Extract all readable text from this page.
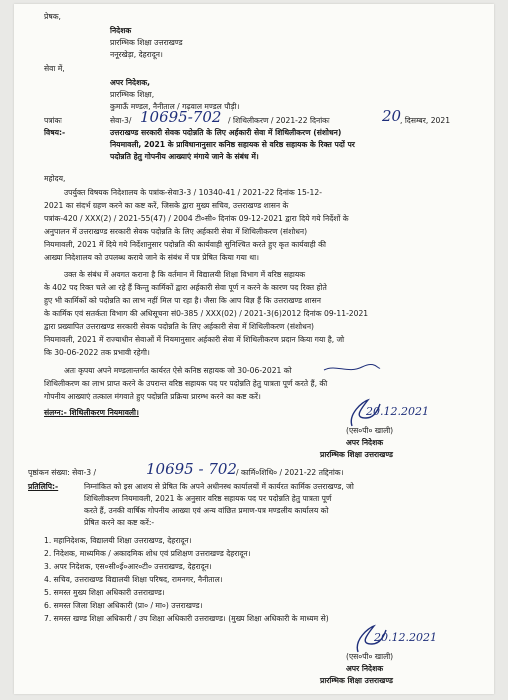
प्रेषक,
निदेशक
प्रारम्भिक शिक्षा उत्तराखण्ड
ननूरखेड़ा, देहरादून।
सेवा में,
अपर निदेशक,
प्रारम्भिक शिक्षा,
कुमाऊँ मण्डल, नैनीताल / गढ़वाल मण्डल पौड़ी।
पत्रांकः	सेवा-3/ 10695-702 / शिथिलीकरण / 2021-22 दिनांकः	20
, दिसम्बर, 2021
विषय:-	उत्तराखण्ड सरकारी सेवक पदोन्नति के लिए अर्हकारी सेवा में शिथिलीकरण (संशोधन)
नियमावली, 2021 के प्राविधानानुसार कनिष्ठ सहायक से वरिष्ठ सहायक के रिक्त पदों पर
पदोन्नति हेतु गोपनीय आख्याएं मंगाये जाने के संबंध में।
महोदय,
उपर्युक्त विषयक निदेशालय के पत्रांक-सेवा3-3 / 10340-41 / 2021-22 दिनांक 15-12-
2021 का संदर्भ ग्रहण करने का कष्ट करें, जिसके द्वारा मुख्य सचिव, उत्तराखण्ड शासन के
पत्रांक-420 / XXX(2) / 2021-55(47) / 2004 टी०सी० दिनांक 09-12-2021 द्वारा दिये गये निर्देशों के
अनुपालन में उत्तराखण्ड सरकारी सेवक पदोन्नति के लिए अर्हकारी सेवा में शिथिलीकरण (संशोधन)
नियमावली, 2021 में दिये गये निर्देशानुसार पदोन्नति की कार्यवाही सुनिश्चित करते हुए कृत कार्यवाही की
आख्या निदेशालय को उपलब्ध कराये जाने के संबंध में पत्र प्रेषित किया गया था।
उक्त के संबंध में अवगत कराना है कि वर्तमान में विद्यालयी शिक्षा विभाग में वरिष्ठ सहायक
के 402 पद रिक्त चले आ रहे हैं किन्तु कार्मिकों द्वारा अर्हकारी सेवा पूर्ण न करने के कारण पद रिक्त होते
हुए भी कार्मिकों को पदोन्नति का लाभ नहीं मिल पा रहा है। जैसा कि आप विज्ञ हैं कि उत्तराखण्ड शासन
के कार्मिक एवं सतर्कता विभाग की अधिसूचना सं0-385 / XXX(02) / 2021-3(6)2012 दिनांक 09-11-2021
द्वारा प्रख्यापित उत्तराखण्ड सरकारी सेवक पदोन्नति के लिए अर्हकारी सेवा में शिथिलीकरण (संशोधन)
नियमावली, 2021 में राज्याधीन सेवाओं में नियमानुसार अर्हकारी सेवा में शिथिलीकरण प्रदान किया गया है, जो
कि 30-06-2022 तक प्रभावी रहेगी।
अतः कृपया अपने मण्डलान्तर्गत कार्यरत ऐसे कनिष्ठ सहायक जो 30-06-2021 को
शिथिलीकरण का लाभ प्राप्त करने के उपरान्त वरिष्ठ सहायक पद पर पदोन्नति हेतु पात्रता पूर्ण करते हैं, की
गोपनीय आख्याएं तत्काल मंगवाते हुए पदोन्नति प्रक्रिया प्रारम्भ करने का कष्ट करें।
संलग्न:- शिथिलीकरण नियमावली।	20.12.2021
(एस०पी० खाली)
अपर निदेशक
प्रारम्भिक शिक्षा उत्तराखण्ड
पृष्ठांकन संख्या: सेवा-3 /	10695 - 702 / कार्मि०शिथि० / 2021-22 तद्दिनांक।
प्रतिलिपि:-	निम्नांकित को इस आशय से प्रेषित कि अपने अधीनस्थ कार्यालयों में कार्यरत कार्मिक उत्तराखण्ड, जो
शिथिलीकरण नियमावली, 2021 के अनुसार वरिष्ठ सहायक पद पर पदोन्नति हेतु पात्रता पूर्ण
करते हैं, उनकी वार्षिक गोपनीय आख्या एवं अन्य वांछित प्रमाण-पत्र मण्डलीय कार्यालय को
प्रेषित करने का कष्ट करें:-
1. महानिदेशक, विद्यालयी शिक्षा उत्तराखण्ड, देहरादून।
2. निदेशक, माध्यमिक / अकादमिक शोध एवं प्रशिक्षण उत्तराखण्ड देहरादून।
3. अपर निदेशक, एस०सी०ई०आर०टी० उत्तराखण्ड, देहरादून।
4. सचिव, उत्तराखण्ड विद्यालयी शिक्षा परिषद, रामनगर, नैनीताल।
5. समस्त मुख्य शिक्षा अधिकारी उत्तराखण्ड।
6. समस्त जिला शिक्षा अधिकारी (प्रा० / मा०) उत्तराखण्ड।
7. समस्त खण्ड शिक्षा अधिकारी / उप शिक्षा अधिकारी उत्तराखण्ड। (मुख्य शिक्षा अधिकारी के माध्यम से)
20.12.2021
(एस०पी० खाली)
अपर निदेशक
प्रारम्भिक शिक्षा उत्तराखण्ड
